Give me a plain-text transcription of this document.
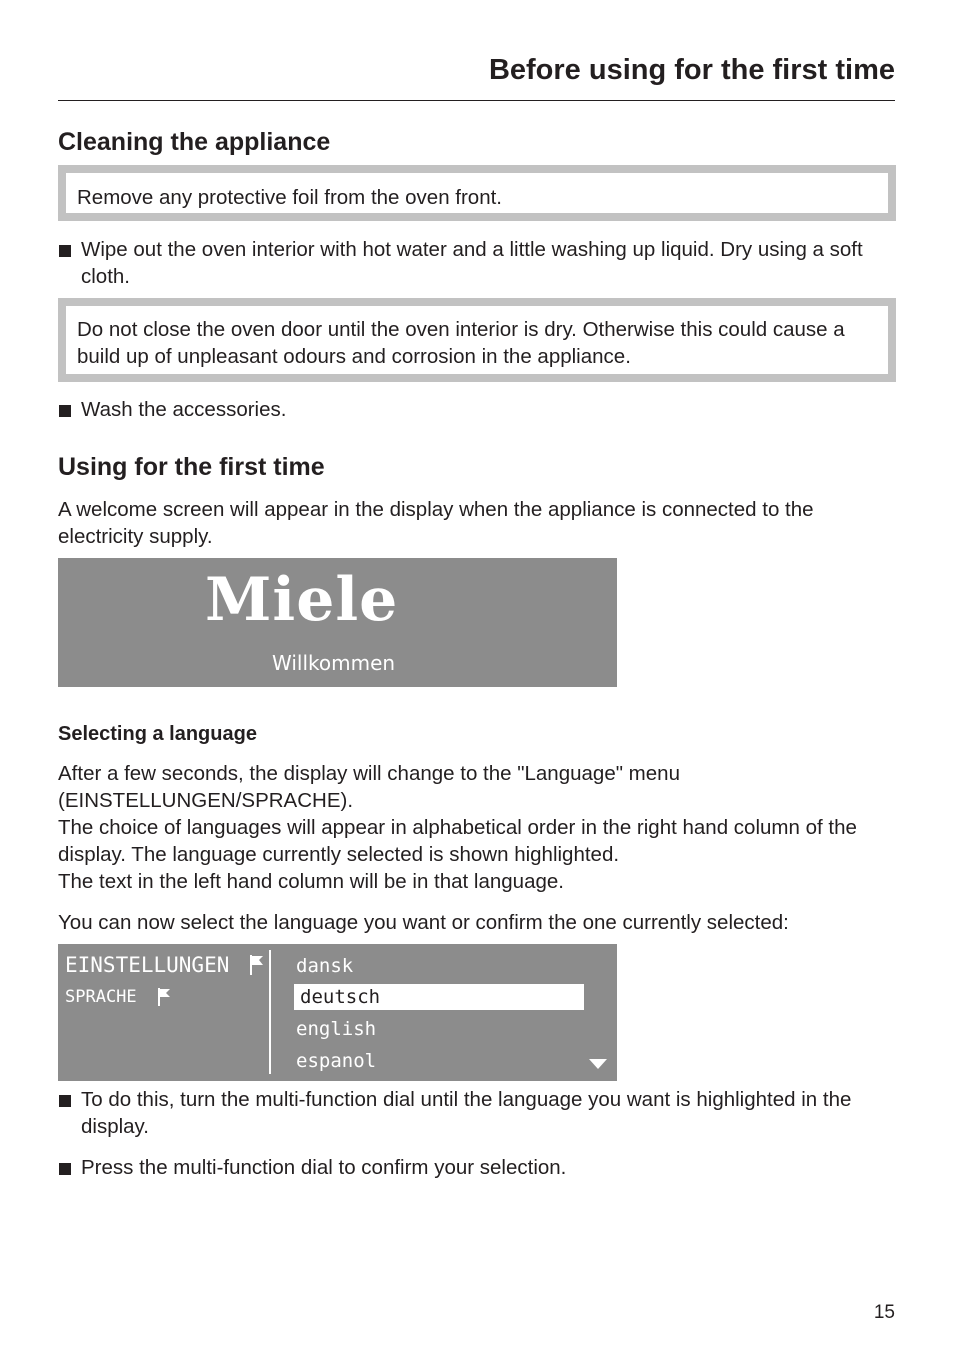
Before using for the first time
Cleaning the appliance
Remove any protective foil from the oven front.
Wipe out the oven interior with hot water and a little washing up liquid. Dry using a soft cloth.
Do not close the oven door until the oven interior is dry. Otherwise this could cause a build up of unpleasant odours and corrosion in the appliance.
Wash the accessories.
Using for the first time
A welcome screen will appear in the display when the appliance is connected to the electricity supply.
Miele
Willkommen
Selecting a language
After a few seconds, the display will change to the "Language" menu (EINSTELLUNGEN/SPRACHE).
The choice of languages will appear in alphabetical order in the right hand column of the display. The language currently selected is shown highlighted.
The text in the left hand column will be in that language.
You can now select the language you want or confirm the one currently selected:
EINSTELLUNGEN
SPRACHE
dansk
deutsch
english
espanol
To do this, turn the multi-function dial until the language you want is highlighted in the display.
Press the multi-function dial to confirm your selection.
15
